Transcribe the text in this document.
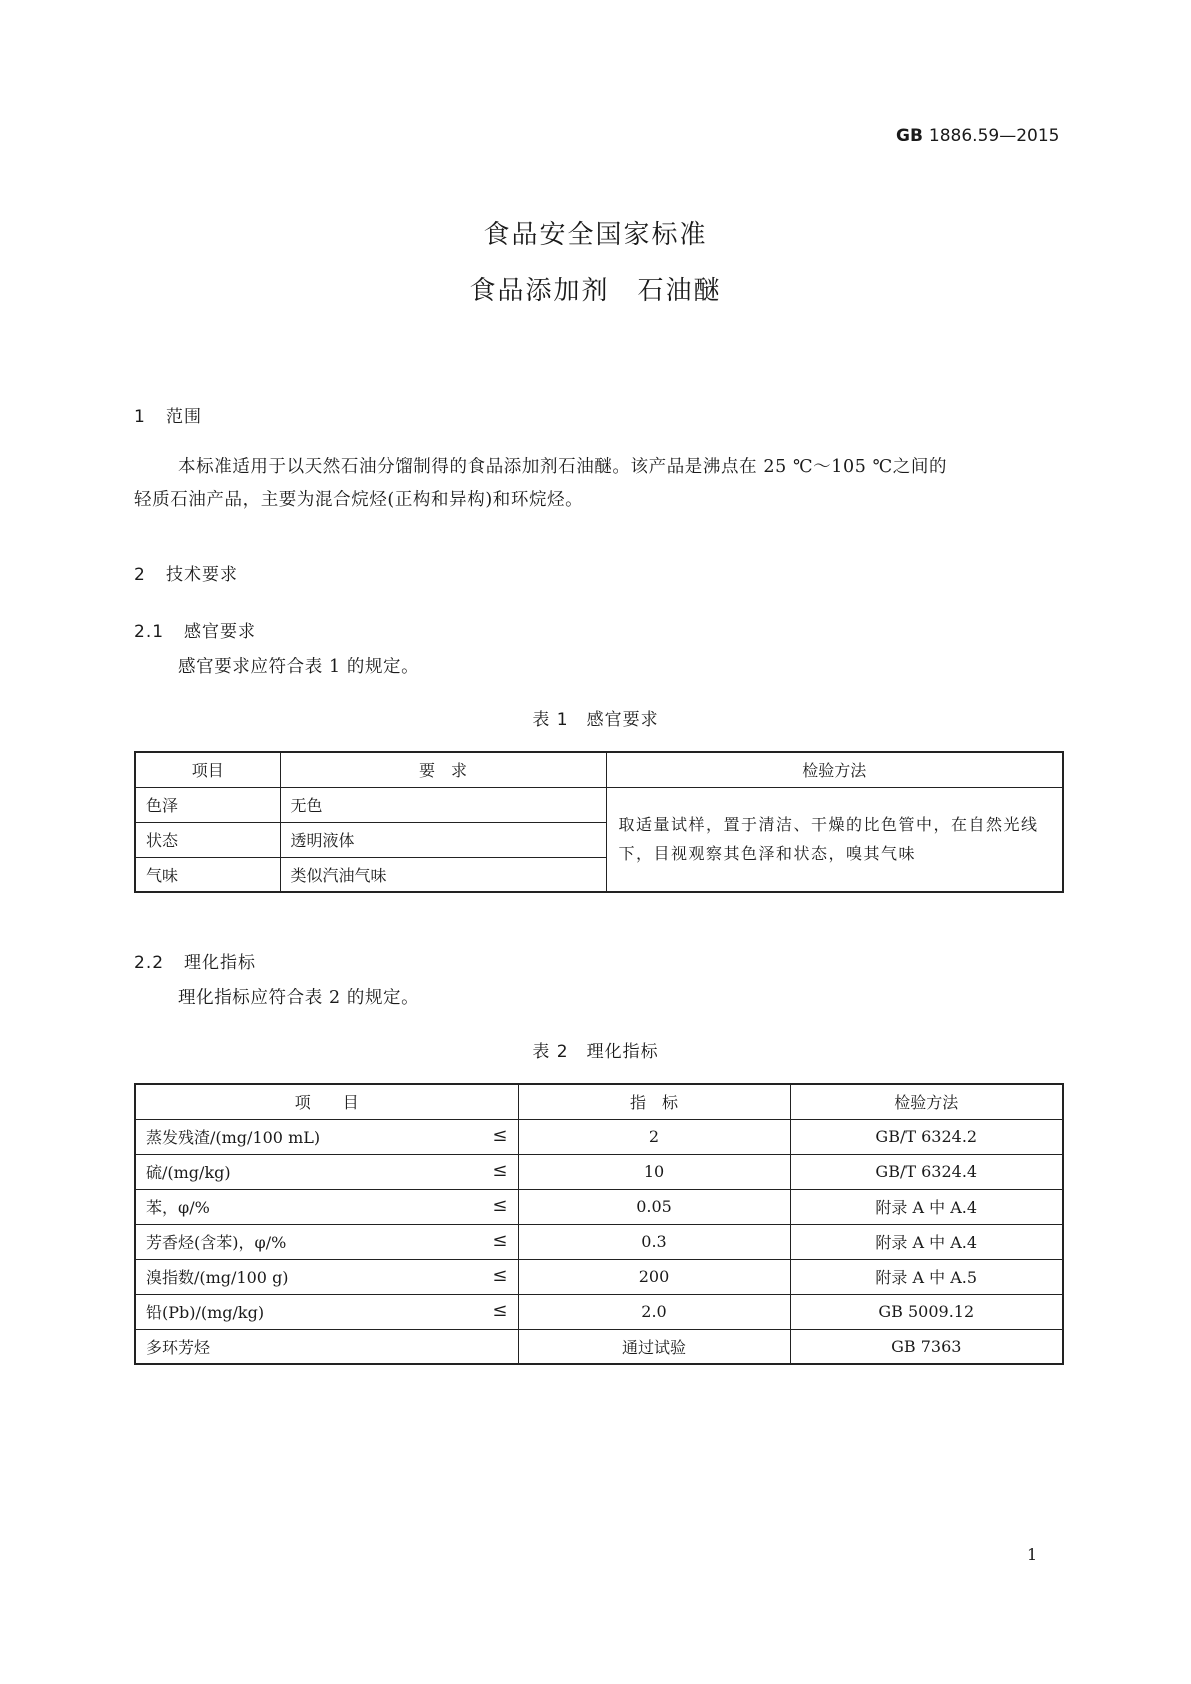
GB 1886.59—2015
食品安全国家标准
食品添加剂　石油醚
1 范围
本标准适用于以天然石油分馏制得的食品添加剂石油醚。该产品是沸点在 25 ℃～105 ℃之间的
轻质石油产品，主要为混合烷烃(正构和异构)和环烷烃。
2 技术要求
2.1 感官要求
感官要求应符合表 1 的规定。
表 1　感官要求
项目	要　求	检验方法
色泽	无色	取适量试样，置于清洁、干燥的比色管中，在自然光线下，目视观察其色泽和状态，嗅其气味
状态	透明液体	
气味	类似汽油气味	
2.2 理化指标
理化指标应符合表 2 的规定。
表 2　理化指标
项　　目	指　标	检验方法
蒸发残渣/(mg/100 mL) ≤	2	GB/T 6324.2
硫/(mg/kg) ≤	10	GB/T 6324.4
苯，φ/% ≤	0.05	附录 A 中 A.4
芳香烃(含苯)，φ/% ≤	0.3	附录 A 中 A.4
溴指数/(mg/100 g) ≤	200	附录 A 中 A.5
铅(Pb)/(mg/kg) ≤	2.0	GB 5009.12
多环芳烃	通过试验	GB 7363
1
